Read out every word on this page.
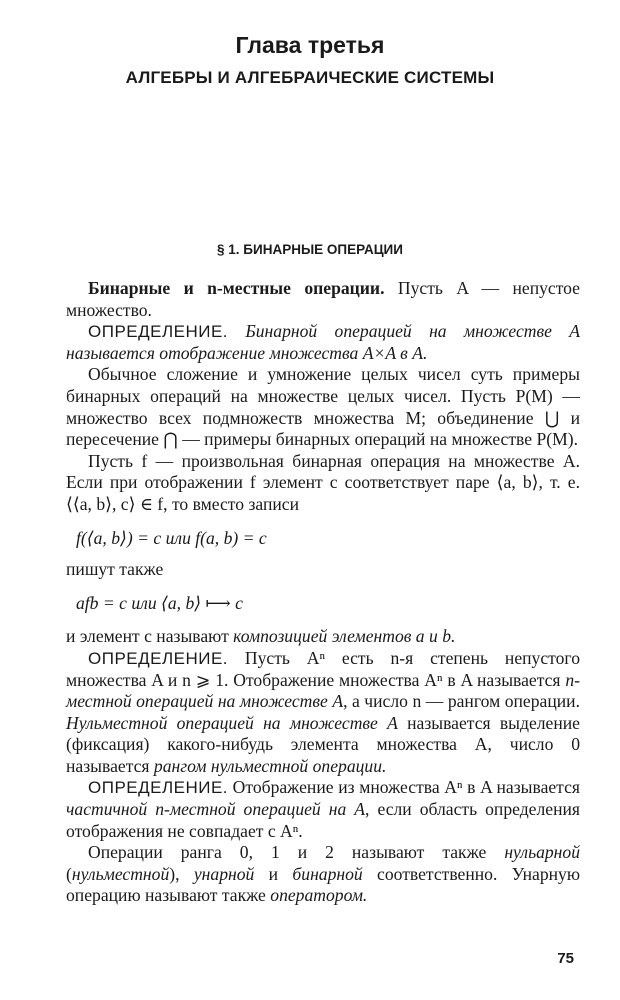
Глава третья
АЛГЕБРЫ И АЛГЕБРАИЧЕСКИЕ СИСТЕМЫ
§ 1. БИНАРНЫЕ ОПЕРАЦИИ

Бинарные и n-местные операции. Пусть A — непустое множество.

ОПРЕДЕЛЕНИЕ. Бинарной операцией на множестве A называется отображение множества A×A в A.

Обычное сложение и умножение целых чисел суть примеры бинарных операций на множестве целых чисел. Пусть P(M) — множество всех подмножеств множества M; объединение ⋃ и пересечение ⋂ — примеры бинарных операций на множестве P(M).

Пусть f — произвольная бинарная операция на множестве A. Если при отображении f элемент c соответствует паре ⟨a, b⟩, т. е. ⟨⟨a, b⟩, c⟩ ∈ f, то вместо записи

f(⟨a, b⟩) = c или f(a, b) = c

пишут также

afb = c или ⟨a, b⟩ ⟼ c

и элемент c называют композицией элементов a и b.

ОПРЕДЕЛЕНИЕ. Пусть Aⁿ есть n-я степень непустого множества A и n ⩾ 1. Отображение множества Aⁿ в A называется n-местной операцией на множестве A, а число n — рангом операции. Нульместной операцией на множестве A называется выделение (фиксация) какого-нибудь элемента множества A, число 0 называется рангом нульместной операции.

ОПРЕДЕЛЕНИЕ. Отображение из множества Aⁿ в A называется частичной n-местной операцией на A, если область определения отображения не совпадает с Aⁿ.

Операции ранга 0, 1 и 2 называют также нульарной (нульместной), унарной и бинарной соответственно. Унарную операцию называют также оператором.

75
